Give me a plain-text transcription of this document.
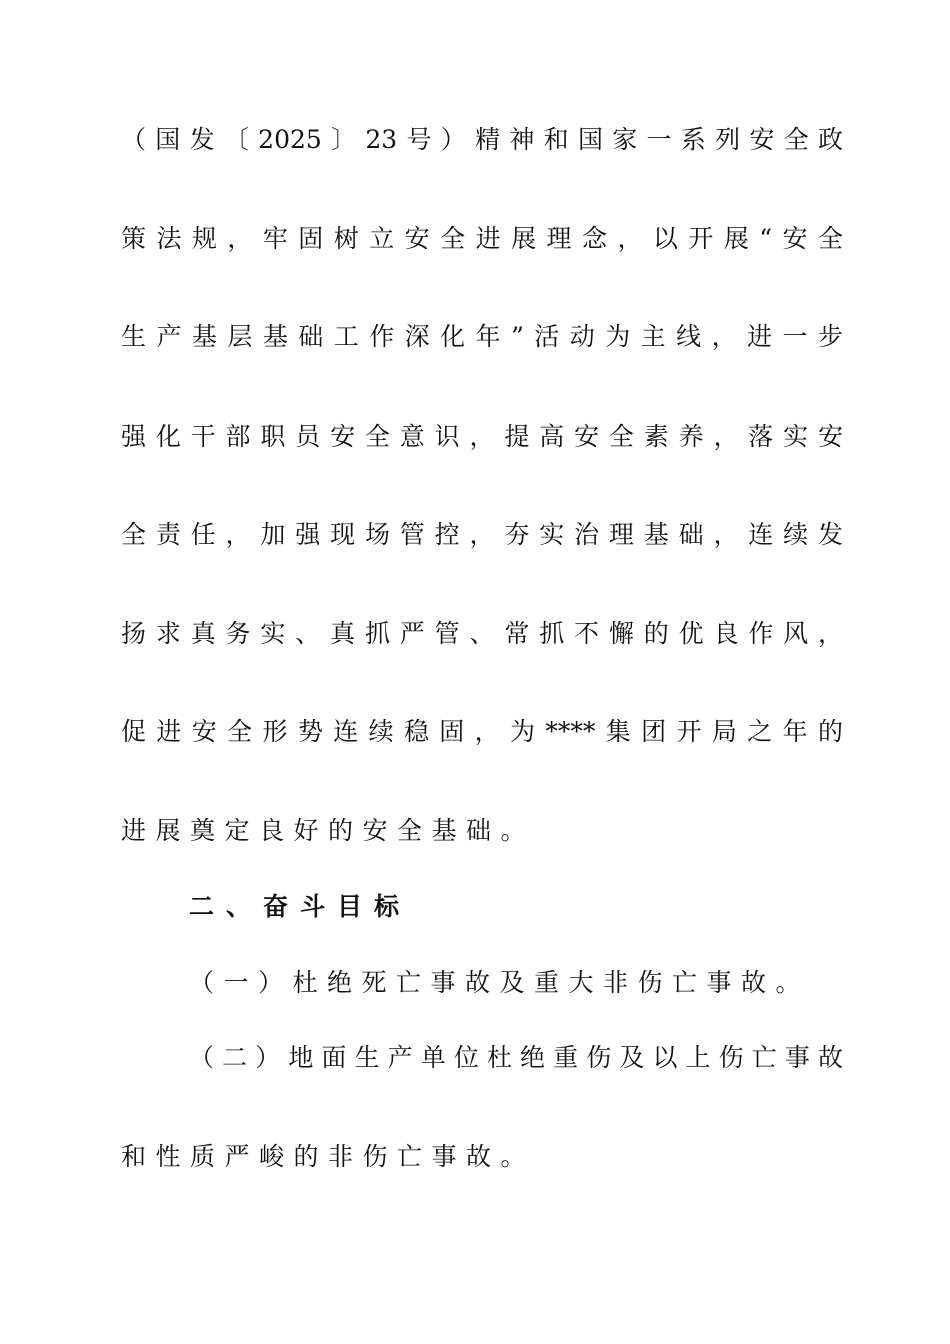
（国发〔2025〕23号）精神和国家一系列安全政
策法规，牢固树立安全进展理念，以开展“安全
生产基层基础工作深化年”活动为主线，进一步
强化干部职员安全意识，提高安全素养，落实安
全责任，加强现场管控，夯实治理基础，连续发
扬求真务实、真抓严管、常抓不懈的优良作风，
促进安全形势连续稳固，为****集团开局之年的
进展奠定良好的安全基础。
二、奋斗目标
（一）杜绝死亡事故及重大非伤亡事故。
（二）地面生产单位杜绝重伤及以上伤亡事故
和性质严峻的非伤亡事故。
